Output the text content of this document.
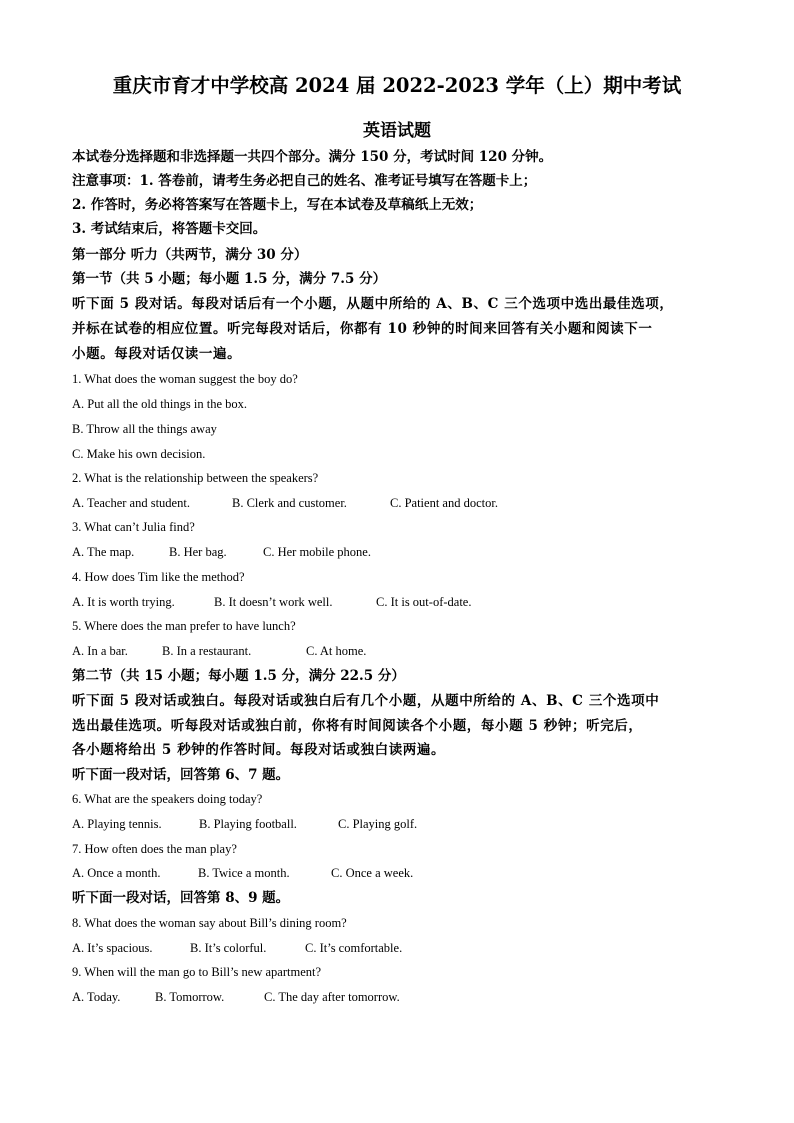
重庆市育才中学校高 2024 届 2022-2023 学年（上）期中考试
英语试题
本试卷分选择题和非选择题一共四个部分。满分 150 分，考试时间 120 分钟。
注意事项：1. 答卷前，请考生务必把自己的姓名、准考证号填写在答题卡上；
2. 作答时，务必将答案写在答题卡上，写在本试卷及草稿纸上无效；
3. 考试结束后，将答题卡交回。
第一部分 听力（共两节，满分 30 分）
第一节（共 5 小题；每小题 1.5 分，满分 7.5 分）
听下面 5 段对话。每段对话后有一个小题，从题中所给的 A、B、C 三个选项中选出最佳选项，
并标在试卷的相应位置。听完每段对话后，你都有 10 秒钟的时间来回答有关小题和阅读下一
小题。每段对话仅读一遍。
1. What does the woman suggest the boy do?
A. Put all the old things in the box.
B. Throw all the things away
C. Make his own decision.
2. What is the relationship between the speakers?
A. Teacher and student.	B. Clerk and customer.	C. Patient and doctor.
3. What can’t Julia find?
A. The map.	B. Her bag.	C. Her mobile phone.
4. How does Tim like the method?
A. It is worth trying.	B. It doesn’t work well.	C. It is out-of-date.
5. Where does the man prefer to have lunch?
A. In a bar.	B. In a restaurant.	C. At home.
第二节（共 15 小题；每小题 1.5 分，满分 22.5 分）
听下面 5 段对话或独白。每段对话或独白后有几个小题，从题中所给的 A、B、C 三个选项中
选出最佳选项。听每段对话或独白前，你将有时间阅读各个小题，每小题 5 秒钟；听完后，
各小题将给出 5 秒钟的作答时间。每段对话或独白读两遍。
听下面一段对话，回答第 6、7 题。
6. What are the speakers doing today?
A. Playing tennis.	B. Playing football.	C. Playing golf.
7. How often does the man play?
A. Once a month.	B. Twice a month.	C. Once a week.
听下面一段对话，回答第 8、9 题。
8. What does the woman say about Bill’s dining room?
A. It’s spacious.	B. It’s colorful.	C. It’s comfortable.
9. When will the man go to Bill’s new apartment?
A. Today.	B. Tomorrow.	C. The day after tomorrow.
